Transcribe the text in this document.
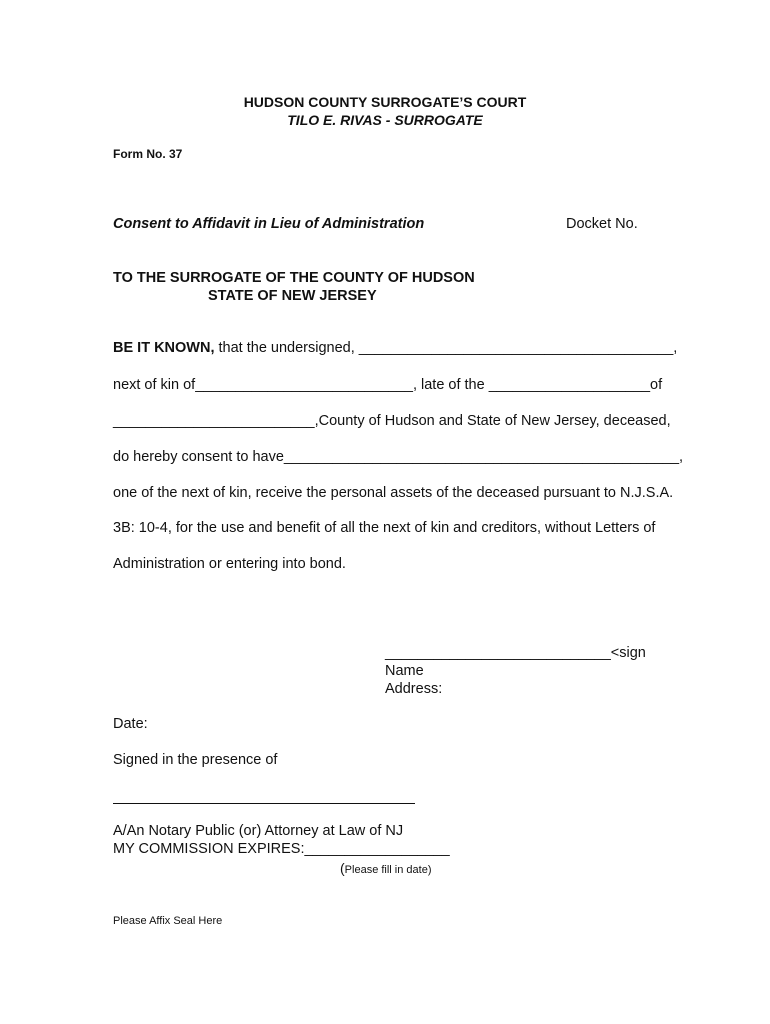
HUDSON COUNTY SURROGATE’S COURT
TILO E. RIVAS - SURROGATE
Form No. 37
Consent to Affidavit in Lieu of Administration	Docket No.
TO THE SURROGATE OF THE COUNTY OF HUDSON
STATE OF NEW JERSEY
BE IT KNOWN, that the undersigned, _______________________________________,
next of kin of___________________________, late of the ____________________of
_________________________,County of Hudson and State of New Jersey, deceased,
do hereby consent to have_________________________________________________,
one of the next of kin, receive the personal assets of the deceased pursuant to N.J.S.A.
3B: 10-4, for the use and benefit of all the next of kin and creditors, without Letters of
Administration or entering into bond.
____________________________<sign
Name
Address:
Date:
Signed in the presence of
A/An Notary Public (or) Attorney at Law of NJ
MY COMMISSION EXPIRES:__________________
(Please fill in date)
Please Affix Seal Here
